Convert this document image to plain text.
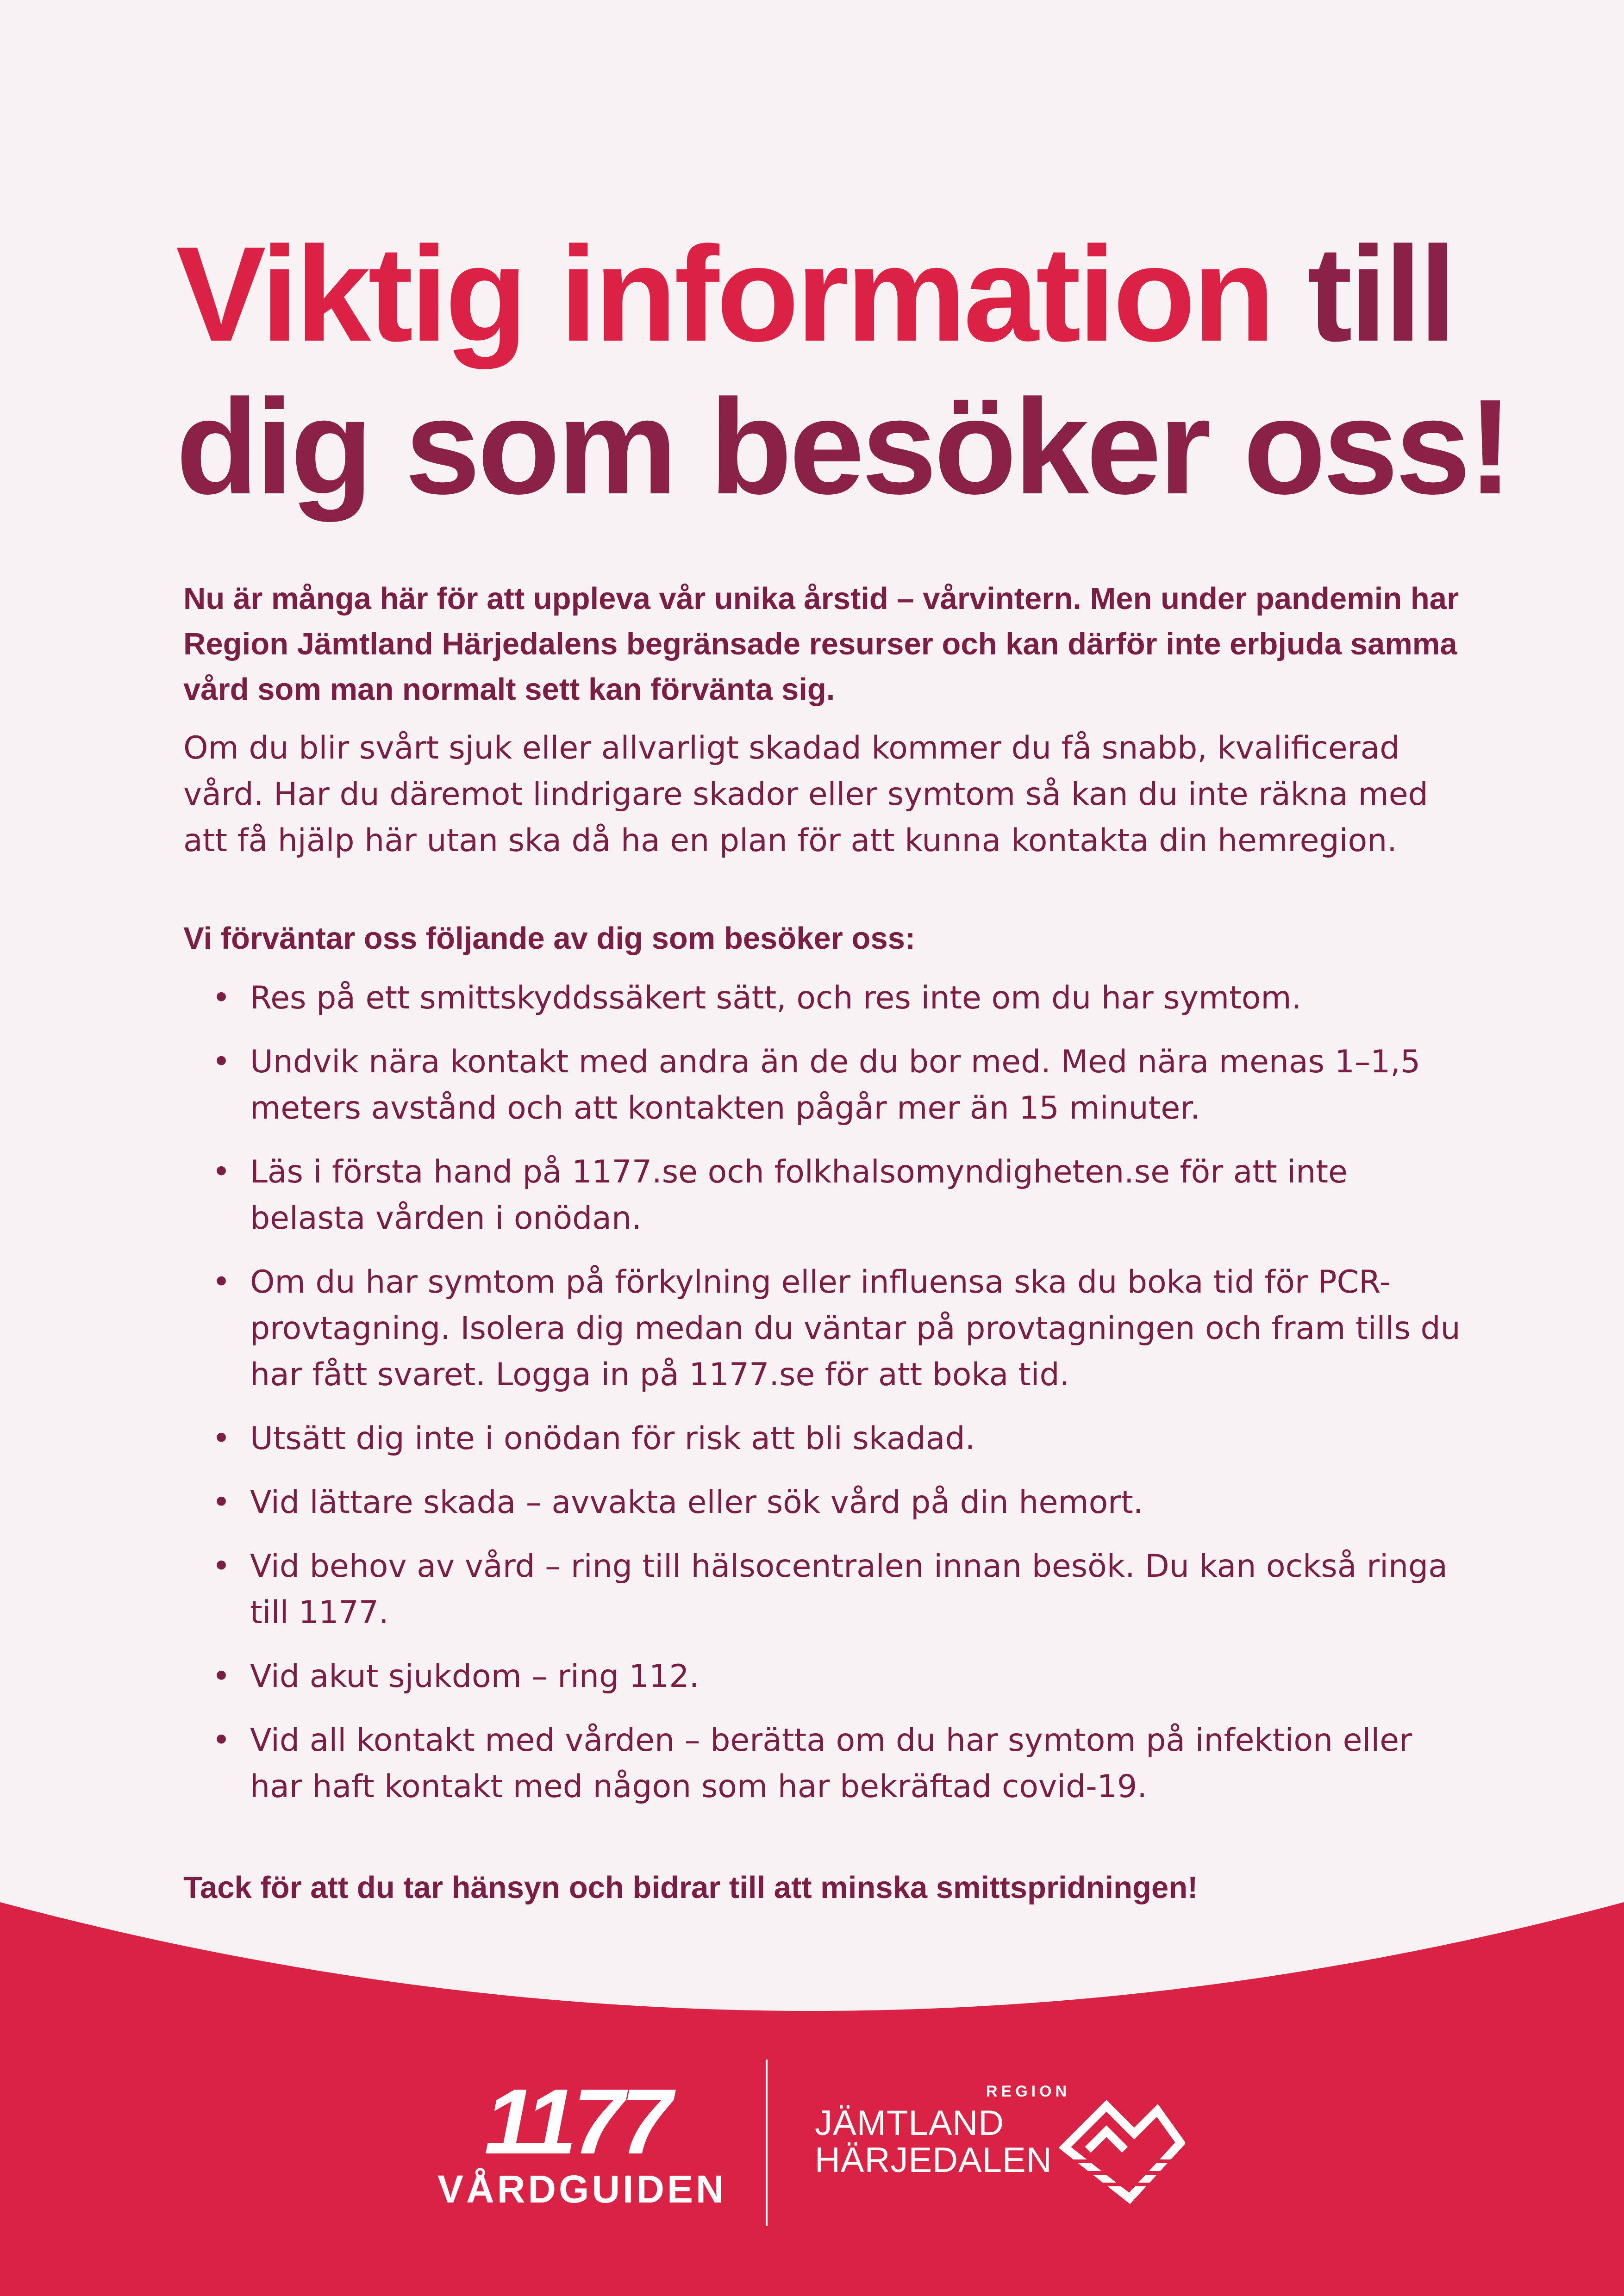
Viktig information till dig som besöker oss!

Nu är många här för att uppleva vår unika årstid – vårvintern. Men under pandemin har Region Jämtland Härjedalens begränsade resurser och kan därför inte erbjuda samma vård som man normalt sett kan förvänta sig.

Om du blir svårt sjuk eller allvarligt skadad kommer du få snabb, kvalificerad vård. Har du däremot lindrigare skador eller symtom så kan du inte räkna med att få hjälp här utan ska då ha en plan för att kunna kontakta din hemregion.

Vi förväntar oss följande av dig som besöker oss:

• Res på ett smittskyddssäkert sätt, och res inte om du har symtom.
• Undvik nära kontakt med andra än de du bor med. Med nära menas 1–1,5 meters avstånd och att kontakten pågår mer än 15 minuter.
• Läs i första hand på 1177.se och folkhalsomyndigheten.se för att inte belasta vården i onödan.
• Om du har symtom på förkylning eller influensa ska du boka tid för PCR-provtagning. Isolera dig medan du väntar på provtagningen och fram tills du har fått svaret. Logga in på 1177.se för att boka tid.
• Utsätt dig inte i onödan för risk att bli skadad.
• Vid lättare skada – avvakta eller sök vård på din hemort.
• Vid behov av vård – ring till hälsocentralen innan besök. Du kan också ringa till 1177.
• Vid akut sjukdom – ring 112.
• Vid all kontakt med vården – berätta om du har symtom på infektion eller har haft kontakt med någon som har bekräftad covid-19.

Tack för att du tar hänsyn och bidrar till att minska smittspridningen!

1177
VÅRDGUIDEN
REGION
JÄMTLAND
HÄRJEDALEN
